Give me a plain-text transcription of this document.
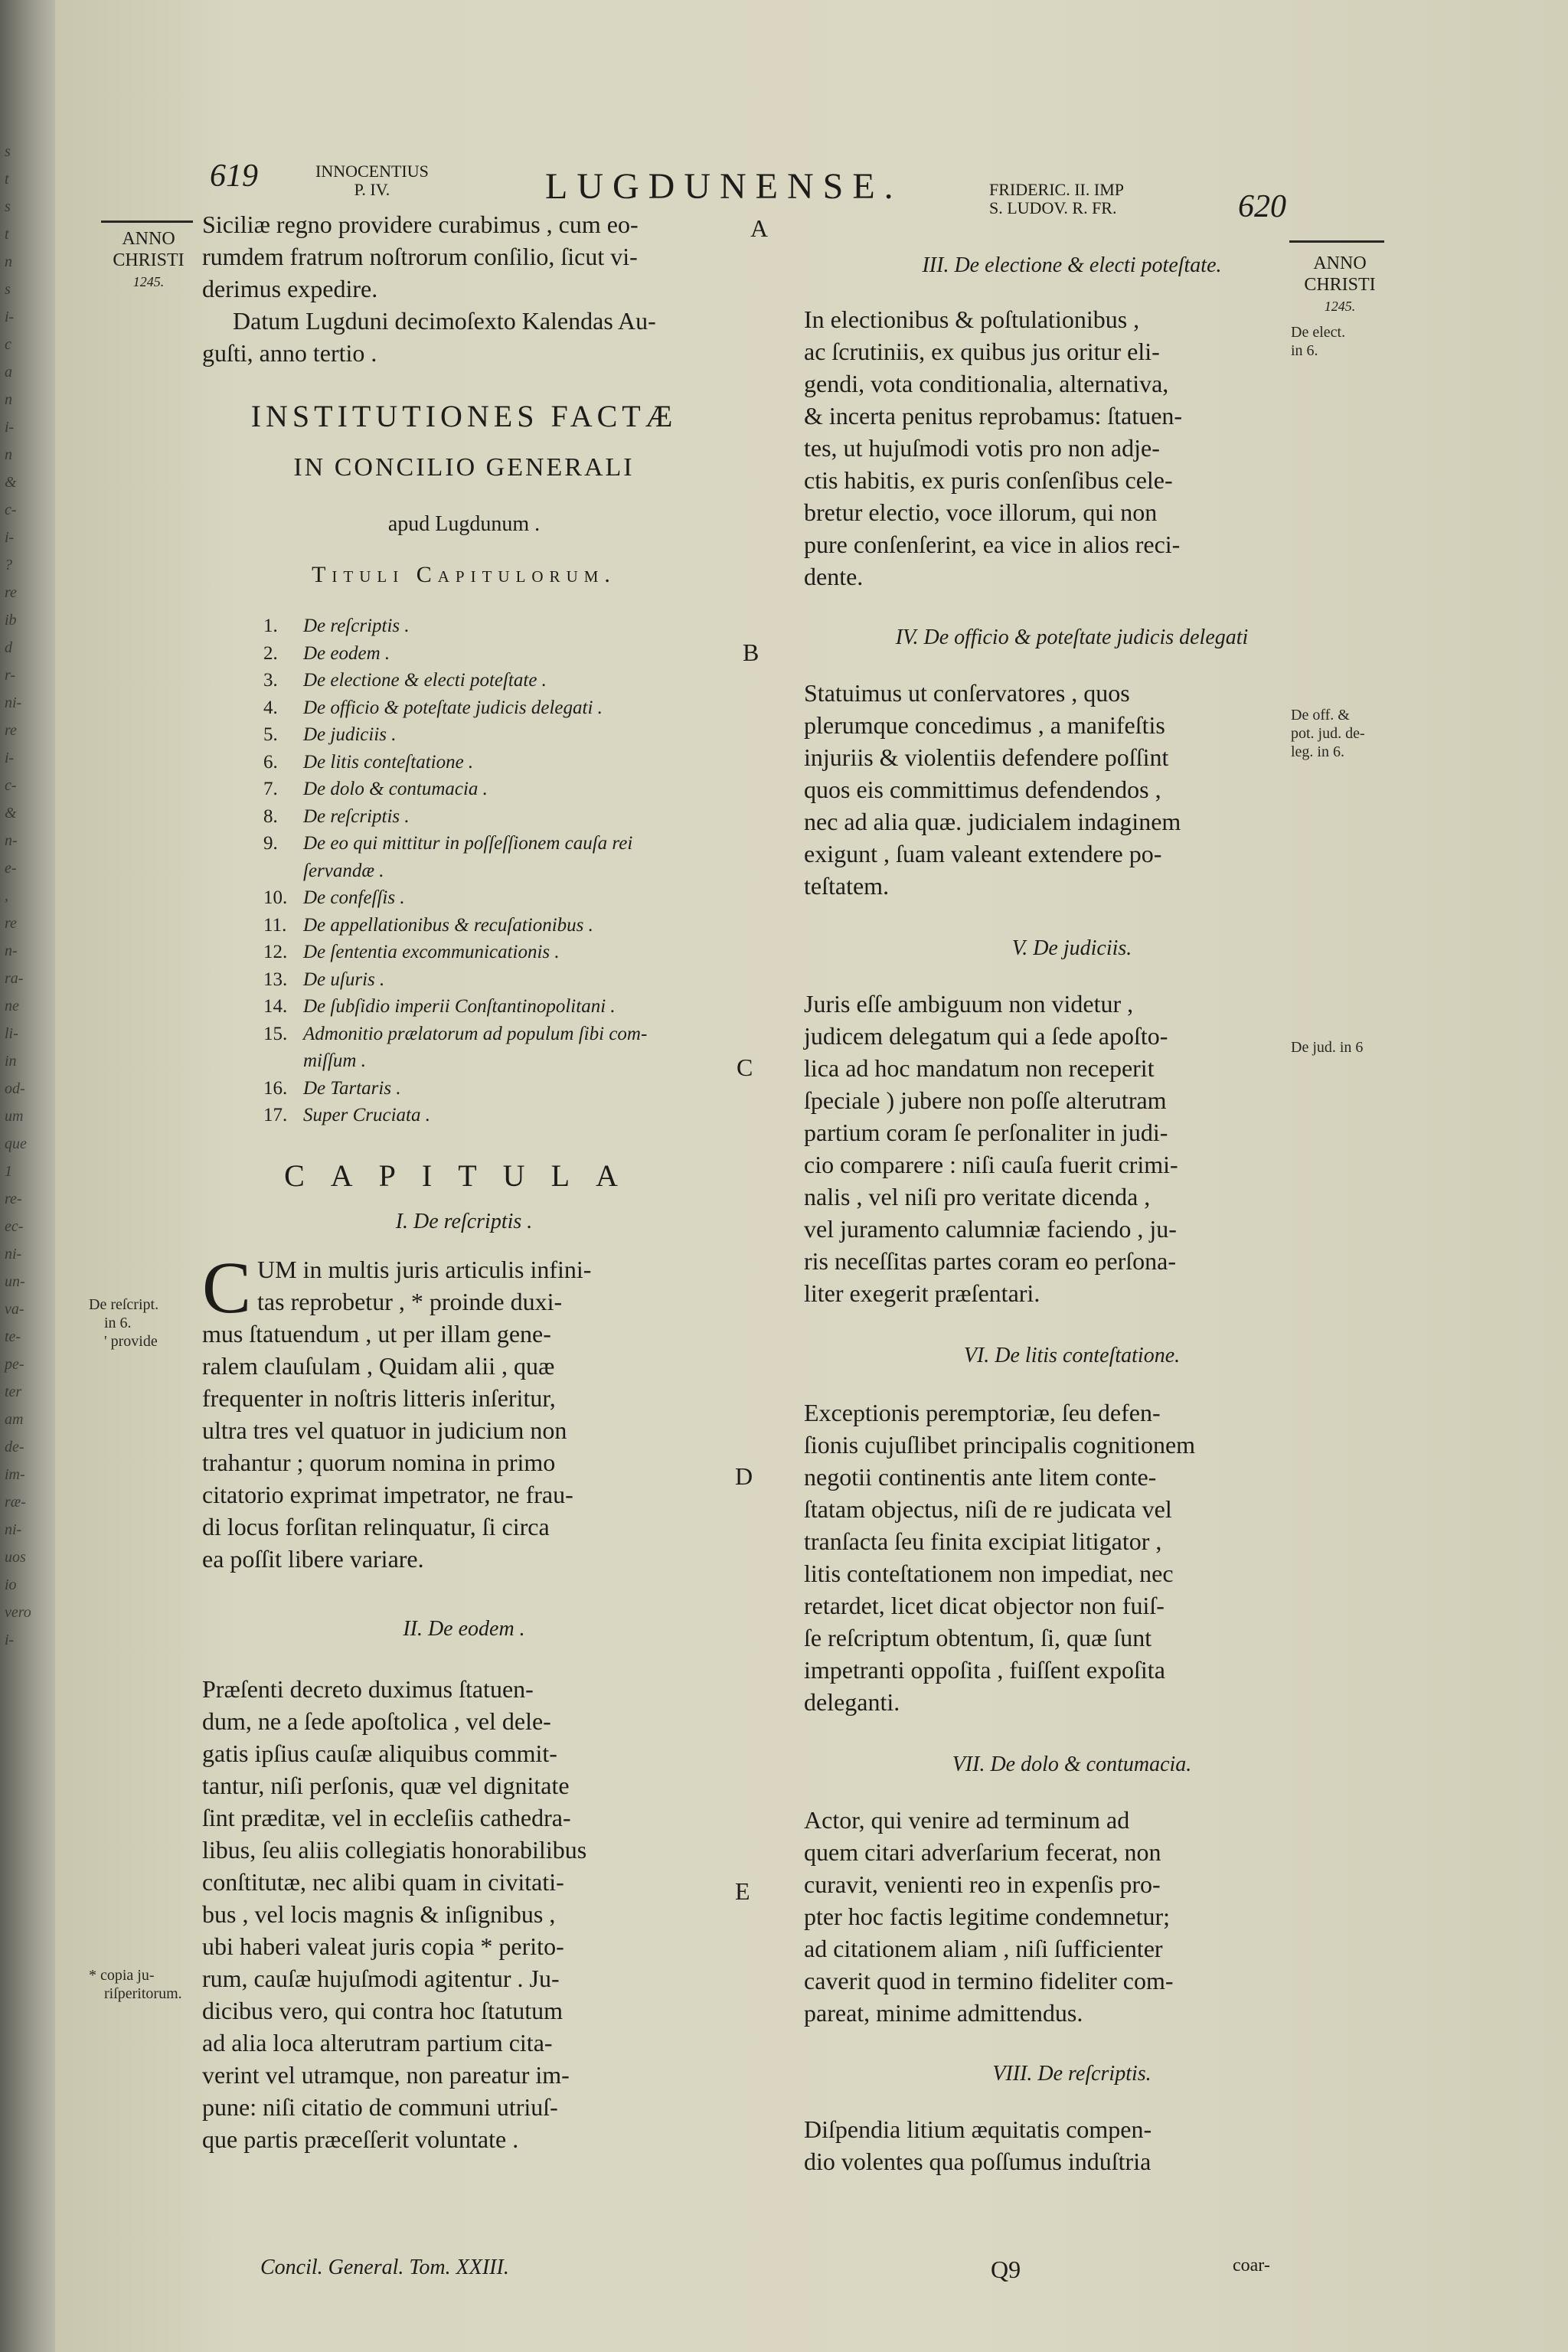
s
t
s
t
n
s
i-
c
a
n
i-
n
&
c-
i-
?
re
ib
d
r-
ni-
re
i-
c-
&
n-
e-
,
re
n-
ra-
ne
li-
in
od-
um
que
1
re-
ec-
ni-
un-
va-
te-
pe-
ter
am
de-
im-
ræ-
ni-
uos
io
vero
i-
619	INNOCENTIUS
P. IV.	LUGDUNENSE.	FRIDERIC. II. IMP
S. LUDOV. R. FR.	620
ANNO
CHRISTI
1245.
ANNO
CHRISTI
1245.
A
B
C
D
E
Siciliæ regno providere curabimus , cum eo-
rumdem fratrum noſtrorum conſilio, ſicut vi-
derimus expedire.
Datum Lugduni decimoſexto Kalendas Au-
guſti, anno tertio .
INSTITUTIONES FACTÆ
IN CONCILIO GENERALI
apud Lugdunum .
Tituli Capitulorum.
1.	De reſcriptis .
2.	De eodem .
3.	De electione & electi poteſtate .
4.	De officio & poteſtate judicis delegati .
5.	De judiciis .
6.	De litis conteſtatione .
7.	De dolo & contumacia .
8.	De reſcriptis .
9.	De eo qui mittitur in poſſeſſionem cauſa rei
ſervandæ .
10. De confeſſis .
11. De appellationibus & recuſationibus .
12. De ſententia excommunicationis .
13. De uſuris .
14. De ſubſidio imperii Conſtantinopolitani .
15. Admonitio prælatorum ad populum ſibi com-
miſſum .
16. De Tartaris .
17. Super Cruciata .
CAPITULA
I. De reſcriptis .
C UM in multis juris articulis infini-
tas reprobetur , * proinde duxi-
mus ſtatuendum , ut per illam gene-
ralem clauſulam , Quidam alii , quæ
frequenter in noſtris litteris inſeritur,
ultra tres vel quatuor in judicium non
trahantur ; quorum nomina in primo
citatorio exprimat impetrator, ne frau-
di locus forſitan relinquatur, ſi circa
ea poſſit libere variare.
II. De eodem .
Præſenti decreto duximus ſtatuen-
dum, ne a ſede apoſtolica , vel dele-
gatis ipſius cauſæ aliquibus commit-
tantur, niſi perſonis, quæ vel dignitate
ſint præditæ, vel in eccleſiis cathedra-
libus, ſeu aliis collegiatis honorabilibus
conſtitutæ, nec alibi quam in civitati-
bus , vel locis magnis & inſignibus ,
ubi haberi valeat juris copia * perito-
rum, cauſæ hujuſmodi agitentur . Ju-
dicibus vero, qui contra hoc ſtatutum
ad alia loca alterutram partium cita-
verint vel utramque, non pareatur im-
pune: niſi citatio de communi utriuſ-
que partis præceſſerit voluntate .
De reſcript.
in 6.
' provide
* copia ju-
riſperitorum.
III. De electione & electi poteſtate.
In electionibus & poſtulationibus ,
ac ſcrutiniis, ex quibus jus oritur eli-
gendi, vota conditionalia, alternativa,
& incerta penitus reprobamus: ſtatuen-
tes, ut hujuſmodi votis pro non adje-
ctis habitis, ex puris conſenſibus cele-
bretur electio, voce illorum, qui non
pure conſenſerint, ea vice in alios reci-
dente.
IV. De officio & poteſtate judicis delegati
Statuimus ut conſervatores , quos
plerumque concedimus , a manifeſtis
injuriis & violentiis defendere poſſint
quos eis committimus defendendos ,
nec ad alia quæ. judicialem indaginem
exigunt , ſuam valeant extendere po-
teſtatem.
V. De judiciis.
Juris eſſe ambiguum non videtur ,
judicem delegatum qui a ſede apoſto-
lica ad hoc mandatum non receperit
ſpeciale ) jubere non poſſe alterutram
partium coram ſe perſonaliter in judi-
cio comparere : niſi cauſa fuerit crimi-
nalis , vel niſi pro veritate dicenda ,
vel juramento calumniæ faciendo , ju-
ris neceſſitas partes coram eo perſona-
liter exegerit præſentari.
VI. De litis conteſtatione.
Exceptionis peremptoriæ, ſeu defen-
ſionis cujuſlibet principalis cognitionem
negotii continentis ante litem conte-
ſtatam objectus, niſi de re judicata vel
tranſacta ſeu finita excipiat litigator ,
litis conteſtationem non impediat, nec
retardet, licet dicat objector non fuiſ-
ſe reſcriptum obtentum, ſi, quæ ſunt
impetranti oppoſita , fuiſſent expoſita
deleganti.
VII. De dolo & contumacia.
Actor, qui venire ad terminum ad
quem citari adverſarium fecerat, non
curavit, venienti reo in expenſis pro-
pter hoc factis legitime condemnetur;
ad citationem aliam , niſi ſufficienter
caverit quod in termino fideliter com-
pareat, minime admittendus.
VIII. De reſcriptis.
Diſpendia litium æquitatis compen-
dio volentes qua poſſumus induſtria
De elect.
in 6.
De off. &
pot. jud. de-
leg. in 6.
De jud. in 6
Concil. General. Tom. XXIII.	Q9	coar-
